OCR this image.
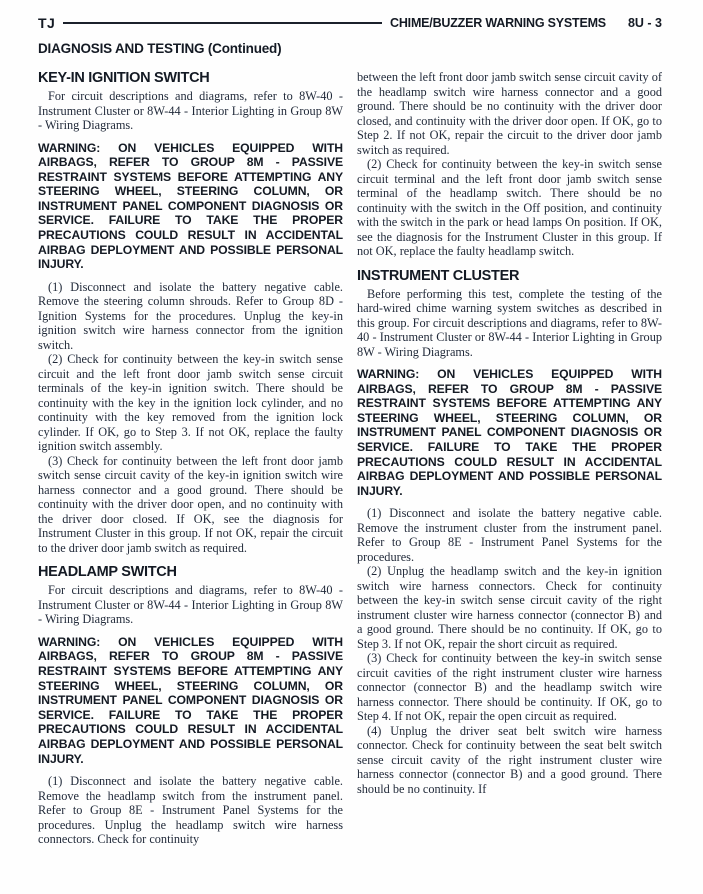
TJ	CHIME/BUZZER WARNING SYSTEMS 8U - 3
DIAGNOSIS AND TESTING (Continued)
KEY-IN IGNITION SWITCH

For circuit descriptions and diagrams, refer to 8W-40 - Instrument Cluster or 8W-44 - Interior Lighting in Group 8W - Wiring Diagrams.

WARNING: ON VEHICLES EQUIPPED WITH AIRBAGS, REFER TO GROUP 8M - PASSIVE RESTRAINT SYSTEMS BEFORE ATTEMPTING ANY STEERING WHEEL, STEERING COLUMN, OR INSTRUMENT PANEL COMPONENT DIAGNOSIS OR SERVICE. FAILURE TO TAKE THE PROPER PRECAUTIONS COULD RESULT IN ACCIDENTAL AIRBAG DEPLOYMENT AND POSSIBLE PERSONAL INJURY.

(1) Disconnect and isolate the battery negative cable. Remove the steering column shrouds. Refer to Group 8D - Ignition Systems for the procedures. Unplug the key-in ignition switch wire harness connector from the ignition switch.

(2) Check for continuity between the key-in switch sense circuit and the left front door jamb switch sense circuit terminals of the key-in ignition switch. There should be continuity with the key in the ignition lock cylinder, and no continuity with the key removed from the ignition lock cylinder. If OK, go to Step 3. If not OK, replace the faulty ignition switch assembly.

(3) Check for continuity between the left front door jamb switch sense circuit cavity of the key-in ignition switch wire harness connector and a good ground. There should be continuity with the driver door open, and no continuity with the driver door closed. If OK, see the diagnosis for Instrument Cluster in this group. If not OK, repair the circuit to the driver door jamb switch as required.

HEADLAMP SWITCH

For circuit descriptions and diagrams, refer to 8W-40 - Instrument Cluster or 8W-44 - Interior Lighting in Group 8W - Wiring Diagrams.

WARNING: ON VEHICLES EQUIPPED WITH AIRBAGS, REFER TO GROUP 8M - PASSIVE RESTRAINT SYSTEMS BEFORE ATTEMPTING ANY STEERING WHEEL, STEERING COLUMN, OR INSTRUMENT PANEL COMPONENT DIAGNOSIS OR SERVICE. FAILURE TO TAKE THE PROPER PRECAUTIONS COULD RESULT IN ACCIDENTAL AIRBAG DEPLOYMENT AND POSSIBLE PERSONAL INJURY.

(1) Disconnect and isolate the battery negative cable. Remove the headlamp switch from the instrument panel. Refer to Group 8E - Instrument Panel Systems for the procedures. Unplug the headlamp switch wire harness connectors. Check for continuity

between the left front door jamb switch sense circuit cavity of the headlamp switch wire harness connector and a good ground. There should be no continuity with the driver door closed, and continuity with the driver door open. If OK, go to Step 2. If not OK, repair the circuit to the driver door jamb switch as required.

(2) Check for continuity between the key-in switch sense circuit terminal and the left front door jamb switch sense terminal of the headlamp switch. There should be no continuity with the switch in the Off position, and continuity with the switch in the park or head lamps On position. If OK, see the diagnosis for the Instrument Cluster in this group. If not OK, replace the faulty headlamp switch.

INSTRUMENT CLUSTER

Before performing this test, complete the testing of the hard-wired chime warning system switches as described in this group. For circuit descriptions and diagrams, refer to 8W-40 - Instrument Cluster or 8W-44 - Interior Lighting in Group 8W - Wiring Diagrams.

WARNING: ON VEHICLES EQUIPPED WITH AIRBAGS, REFER TO GROUP 8M - PASSIVE RESTRAINT SYSTEMS BEFORE ATTEMPTING ANY STEERING WHEEL, STEERING COLUMN, OR INSTRUMENT PANEL COMPONENT DIAGNOSIS OR SERVICE. FAILURE TO TAKE THE PROPER PRECAUTIONS COULD RESULT IN ACCIDENTAL AIRBAG DEPLOYMENT AND POSSIBLE PERSONAL INJURY.

(1) Disconnect and isolate the battery negative cable. Remove the instrument cluster from the instrument panel. Refer to Group 8E - Instrument Panel Systems for the procedures.

(2) Unplug the headlamp switch and the key-in ignition switch wire harness connectors. Check for continuity between the key-in switch sense circuit cavity of the right instrument cluster wire harness connector (connector B) and a good ground. There should be no continuity. If OK, go to Step 3. If not OK, repair the short circuit as required.

(3) Check for continuity between the key-in switch sense circuit cavities of the right instrument cluster wire harness connector (connector B) and the headlamp switch wire harness connector. There should be continuity. If OK, go to Step 4. If not OK, repair the open circuit as required.

(4) Unplug the driver seat belt switch wire harness connector. Check for continuity between the seat belt switch sense circuit cavity of the right instrument cluster wire harness connector (connector B) and a good ground. There should be no continuity. If
